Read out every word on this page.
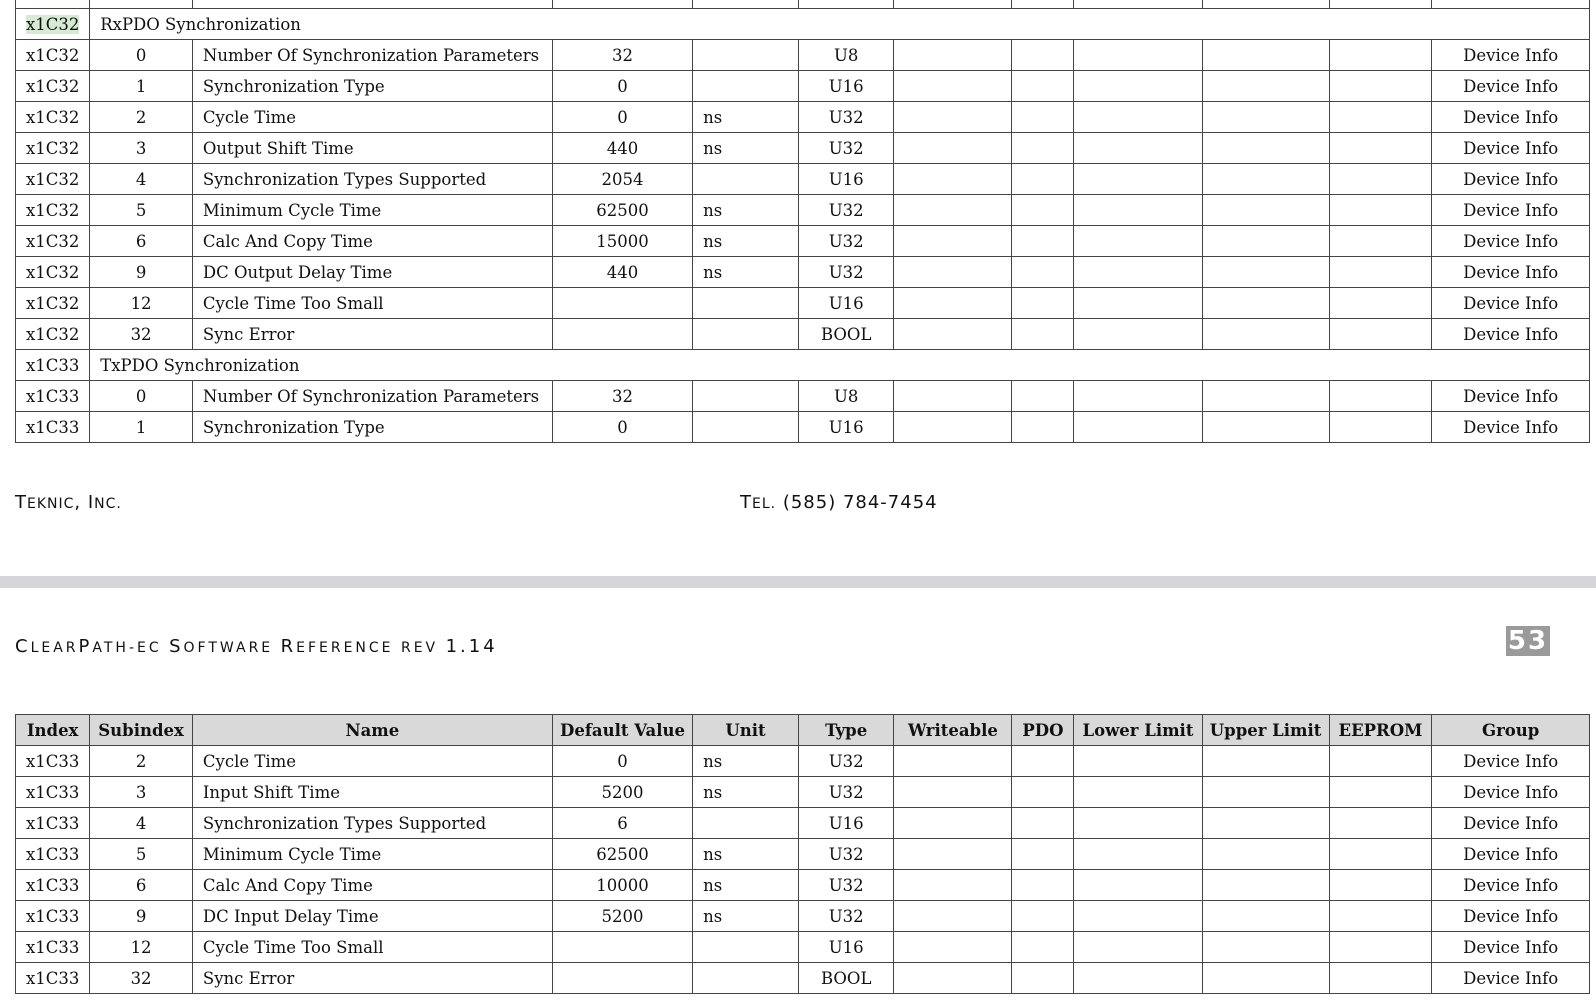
x1C32	RxPDO Synchronization										
x1C32	0	Number Of Synchronization Parameters	32		U8						Device Info
x1C32	1	Synchronization Type	0		U16						Device Info
x1C32	2	Cycle Time	0	ns	U32						Device Info
x1C32	3	Output Shift Time	440	ns	U32						Device Info
x1C32	4	Synchronization Types Supported	2054		U16						Device Info
x1C32	5	Minimum Cycle Time	62500	ns	U32						Device Info
x1C32	6	Calc And Copy Time	15000	ns	U32						Device Info
x1C32	9	DC Output Delay Time	440	ns	U32						Device Info
x1C32	12	Cycle Time Too Small			U16						Device Info
x1C32	32	Sync Error			BOOL						Device Info
x1C33	TxPDO Synchronization										
x1C33	0	Number Of Synchronization Parameters	32		U8						Device Info
x1C33	1	Synchronization Type	0		U16						Device Info
TEKNIC, INC.	TEL. (585) 784-7454
CLEARPATH-EC SOFTWARE REFERENCE REV 1.14	53
Index	Subindex	Name	Default Value	Unit	Type	Writeable	PDO	Lower Limit	Upper Limit	EEPROM	Group
x1C33	2	Cycle Time	0	ns	U32						Device Info
x1C33	3	Input Shift Time	5200	ns	U32						Device Info
x1C33	4	Synchronization Types Supported	6		U16						Device Info
x1C33	5	Minimum Cycle Time	62500	ns	U32						Device Info
x1C33	6	Calc And Copy Time	10000	ns	U32						Device Info
x1C33	9	DC Input Delay Time	5200	ns	U32						Device Info
x1C33	12	Cycle Time Too Small			U16						Device Info
x1C33	32	Sync Error			BOOL						Device Info
